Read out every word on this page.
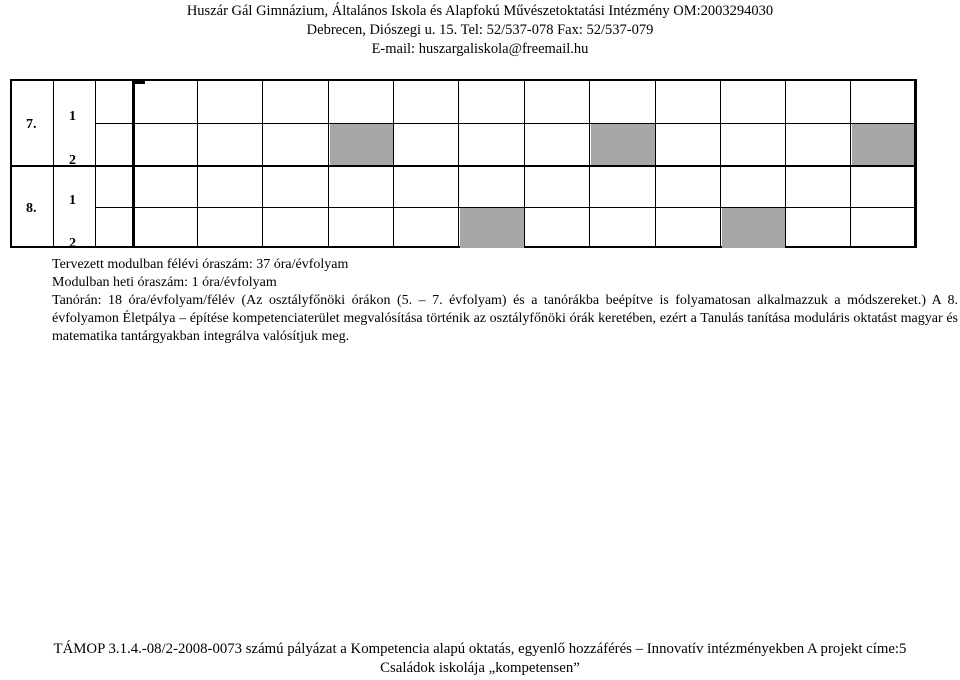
Huszár Gál Gimnázium, Általános Iskola és Alapfokú Művészetoktatási Intézmény OM:2003294030
Debrecen, Diószegi u. 15. Tel: 52/537-078 Fax: 52/537-079
E-mail: huszargaliskola@freemail.hu
7.
1
2
8.
1
2
Tervezett modulban félévi óraszám: 37 óra/évfolyam
Modulban heti óraszám: 1 óra/évfolyam
Tanórán: 18 óra/évfolyam/félév (Az osztályfőnöki órákon (5. – 7. évfolyam) és a tanórákba beépítve is folyamatosan alkalmazzuk a módszereket.) A 8. évfolyamon Életpálya – építése kompetenciaterület megvalósítása történik az osztályfőnöki órák keretében, ezért a Tanulás tanítása moduláris oktatást magyar és matematika tantárgyakban integrálva valósítjuk meg.
TÁMOP 3.1.4.-08/2-2008-0073 számú pályázat a Kompetencia alapú oktatás, egyenlő hozzáférés – Innovatív intézményekben A projekt címe:5
Családok iskolája „kompetensen”
